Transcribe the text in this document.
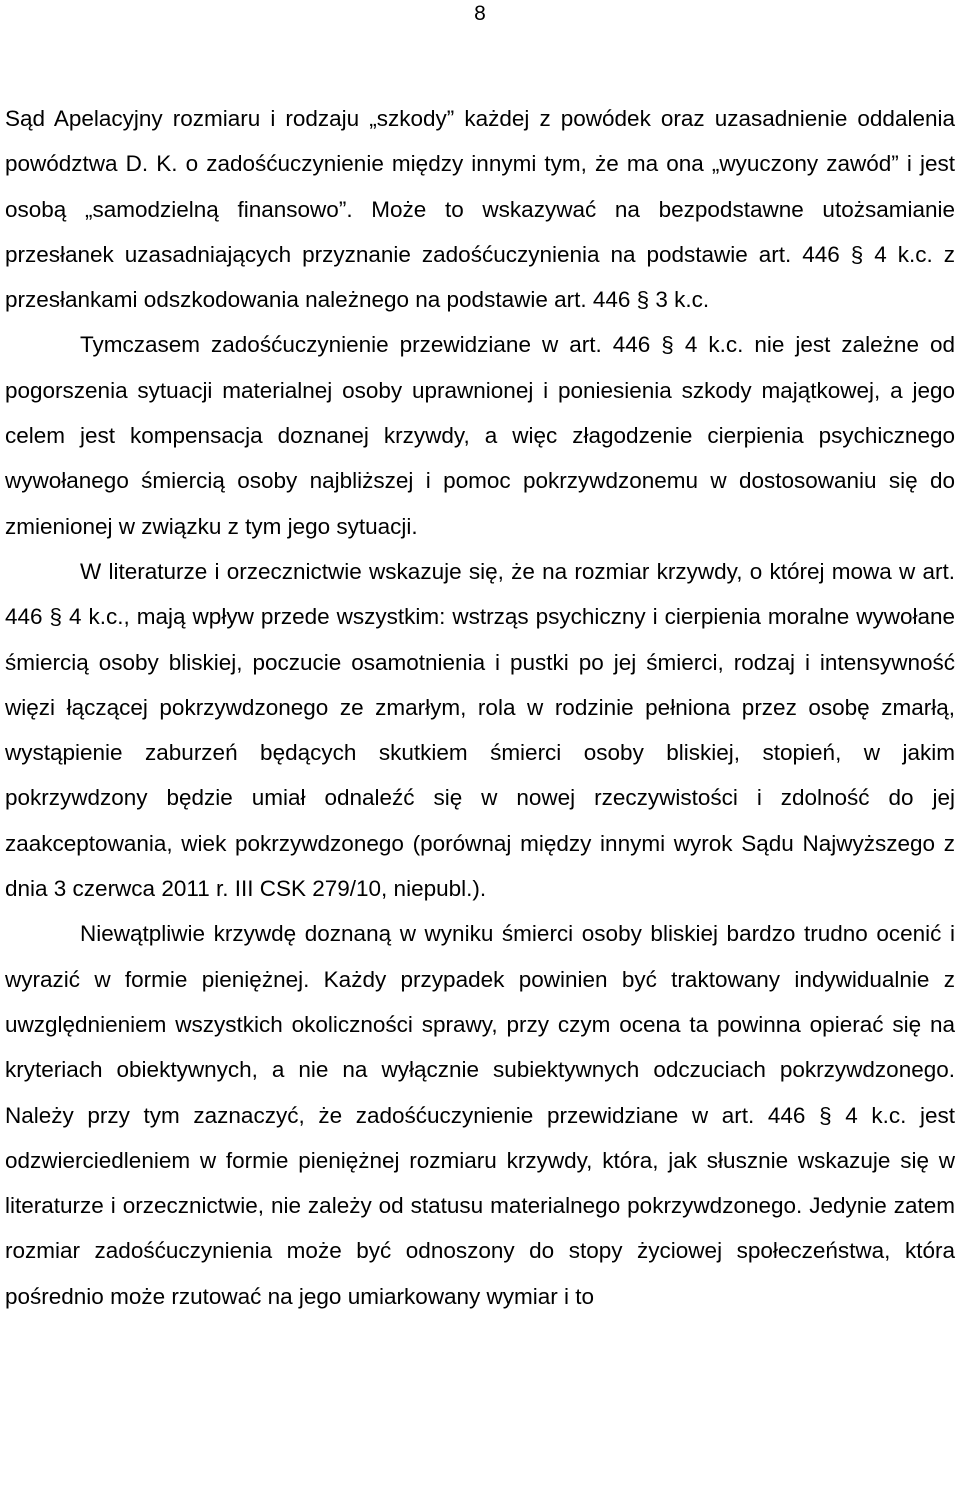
8

Sąd Apelacyjny rozmiaru i rodzaju „szkody” każdej z powódek oraz uzasadnienie oddalenia powództwa D. K. o zadośćuczynienie między innymi tym, że ma ona „wyuczony zawód” i jest osobą „samodzielną finansowo”. Może to wskazywać na bezpodstawne utożsamianie przesłanek uzasadniających przyznanie zadośćuczynienia na podstawie art. 446 § 4 k.c. z przesłankami odszkodowania należnego na podstawie art. 446 § 3 k.c.

Tymczasem zadośćuczynienie przewidziane w art. 446 § 4 k.c. nie jest zależne od pogorszenia sytuacji materialnej osoby uprawnionej i poniesienia szkody majątkowej, a jego celem jest kompensacja doznanej krzywdy, a więc złagodzenie cierpienia psychicznego wywołanego śmiercią osoby najbliższej i pomoc pokrzywdzonemu w dostosowaniu się do zmienionej w związku z tym jego sytuacji.

W literaturze i orzecznictwie wskazuje się, że na rozmiar krzywdy, o której mowa w art. 446 § 4 k.c., mają wpływ przede wszystkim: wstrząs psychiczny i cierpienia moralne wywołane śmiercią osoby bliskiej, poczucie osamotnienia i pustki po jej śmierci, rodzaj i intensywność więzi łączącej pokrzywdzonego ze zmarłym, rola w rodzinie pełniona przez osobę zmarłą, wystąpienie zaburzeń będących skutkiem śmierci osoby bliskiej, stopień, w jakim pokrzywdzony będzie umiał odnaleźć się w nowej rzeczywistości i zdolność do jej zaakceptowania, wiek pokrzywdzonego (porównaj między innymi wyrok Sądu Najwyższego z dnia 3 czerwca 2011 r. III CSK 279/10, niepubl.).

Niewątpliwie krzywdę doznaną w wyniku śmierci osoby bliskiej bardzo trudno ocenić i wyrazić w formie pieniężnej. Każdy przypadek powinien być traktowany indywidualnie z uwzględnieniem wszystkich okoliczności sprawy, przy czym ocena ta powinna opierać się na kryteriach obiektywnych, a nie na wyłącznie subiektywnych odczuciach pokrzywdzonego. Należy przy tym zaznaczyć, że zadośćuczynienie przewidziane w art. 446 § 4 k.c. jest odzwierciedleniem w formie pieniężnej rozmiaru krzywdy, która, jak słusznie wskazuje się w literaturze i orzecznictwie, nie zależy od statusu materialnego pokrzywdzonego. Jedynie zatem rozmiar zadośćuczynienia może być odnoszony do stopy życiowej społeczeństwa, która pośrednio może rzutować na jego umiarkowany wymiar i to
